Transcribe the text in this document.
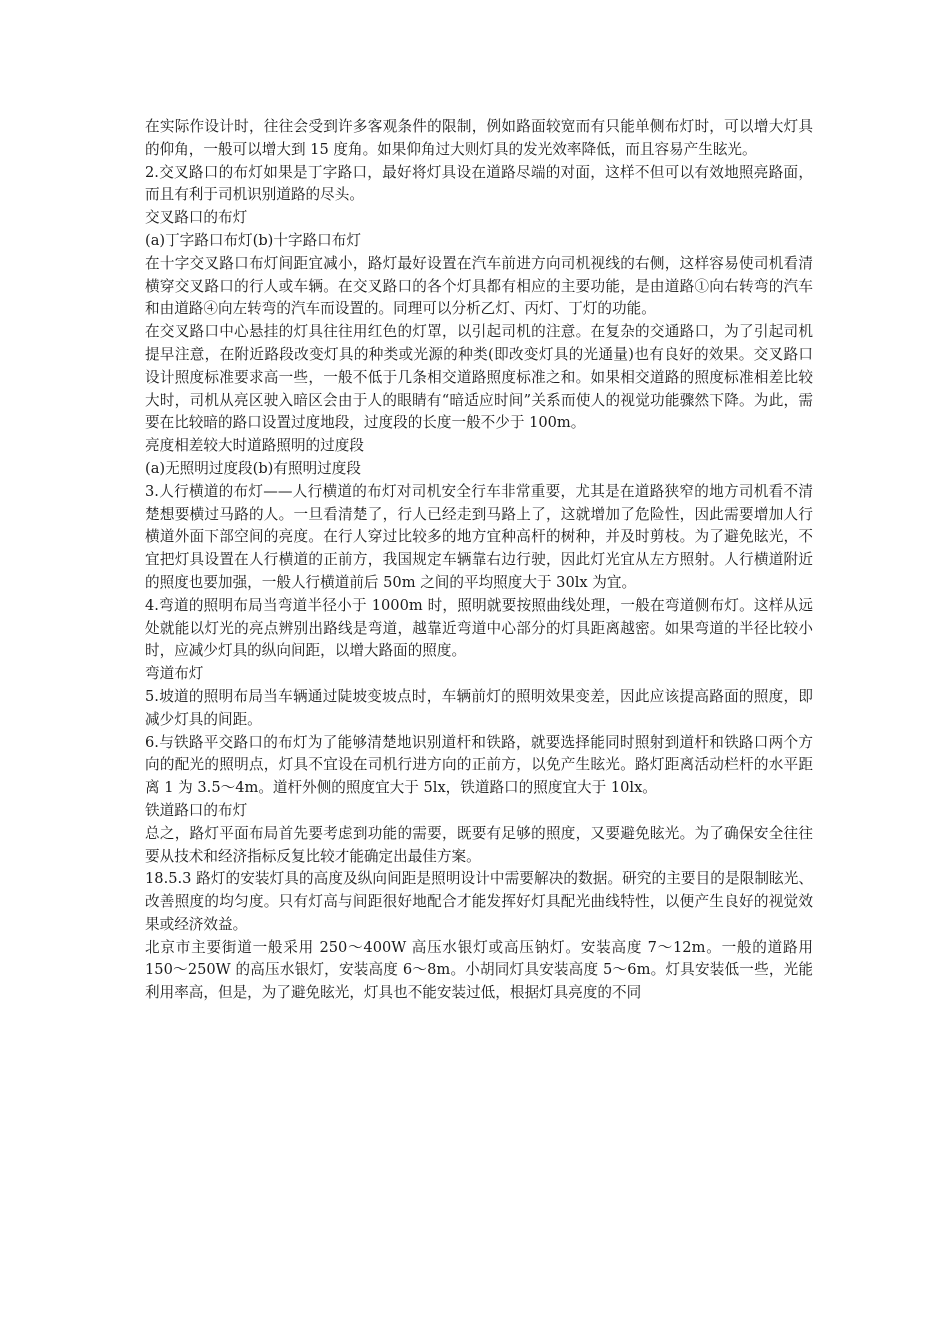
在实际作设计时，往往会受到许多客观条件的限制，例如路面较宽而有只能单侧布灯时，可以增大灯具的仰角，一般可以增大到 15 度角。如果仰角过大则灯具的发光效率降低，而且容易产生眩光。

2.交叉路口的布灯如果是丁字路口，最好将灯具设在道路尽端的对面，这样不但可以有效地照亮路面，而且有利于司机识别道路的尽头。

交叉路口的布灯

(a)丁字路口布灯(b)十字路口布灯

在十字交叉路口布灯间距宜减小，路灯最好设置在汽车前进方向司机视线的右侧，这样容易使司机看清横穿交叉路口的行人或车辆。在交叉路口的各个灯具都有相应的主要功能，是由道路①向右转弯的汽车和由道路④向左转弯的汽车而设置的。同理可以分析乙灯、丙灯、丁灯的功能。

在交叉路口中心悬挂的灯具往往用红色的灯罩，以引起司机的注意。在复杂的交通路口，为了引起司机提早注意，在附近路段改变灯具的种类或光源的种类(即改变灯具的光通量)也有良好的效果。交叉路口设计照度标准要求高一些，一般不低于几条相交道路照度标准之和。如果相交道路的照度标准相差比较大时，司机从亮区驶入暗区会由于人的眼睛有“暗适应时间”关系而使人的视觉功能骤然下降。为此，需要在比较暗的路口设置过度地段，过度段的长度一般不少于 100m。

亮度相差较大时道路照明的过度段

(a)无照明过度段(b)有照明过度段

3.人行横道的布灯——人行横道的布灯对司机安全行车非常重要，尤其是在道路狭窄的地方司机看不清楚想要横过马路的人。一旦看清楚了，行人已经走到马路上了，这就增加了危险性，因此需要增加人行横道外面下部空间的亮度。在行人穿过比较多的地方宜种高杆的树种，并及时剪枝。为了避免眩光，不宜把灯具设置在人行横道的正前方，我国规定车辆靠右边行驶，因此灯光宜从左方照射。人行横道附近的照度也要加强，一般人行横道前后 50m 之间的平均照度大于 30lx 为宜。

4.弯道的照明布局当弯道半径小于 1000m 时，照明就要按照曲线处理，一般在弯道侧布灯。这样从远处就能以灯光的亮点辨别出路线是弯道，越靠近弯道中心部分的灯具距离越密。如果弯道的半径比较小时，应减少灯具的纵向间距，以增大路面的照度。

弯道布灯

5.坡道的照明布局当车辆通过陡坡变坡点时，车辆前灯的照明效果变差，因此应该提高路面的照度，即减少灯具的间距。

6.与铁路平交路口的布灯为了能够清楚地识别道杆和铁路，就要选择能同时照射到道杆和铁路口两个方向的配光的照明点，灯具不宜设在司机行进方向的正前方，以免产生眩光。路灯距离活动栏杆的水平距离 1 为 3.5～4m。道杆外侧的照度宜大于 5lx，铁道路口的照度宜大于 10lx。

铁道路口的布灯

总之，路灯平面布局首先要考虑到功能的需要，既要有足够的照度，又要避免眩光。为了确保安全往往要从技术和经济指标反复比较才能确定出最佳方案。

18.5.3 路灯的安装灯具的高度及纵向间距是照明设计中需要解决的数据。研究的主要目的是限制眩光、改善照度的均匀度。只有灯高与间距很好地配合才能发挥好灯具配光曲线特性，以便产生良好的视觉效果或经济效益。

北京市主要街道一般采用 250～400W 高压水银灯或高压钠灯。安装高度 7～12m。一般的道路用 150～250W 的高压水银灯，安装高度 6～8m。小胡同灯具安装高度 5～6m。灯具安装低一些，光能利用率高，但是，为了避免眩光，灯具也不能安装过低，根据灯具亮度的不同
